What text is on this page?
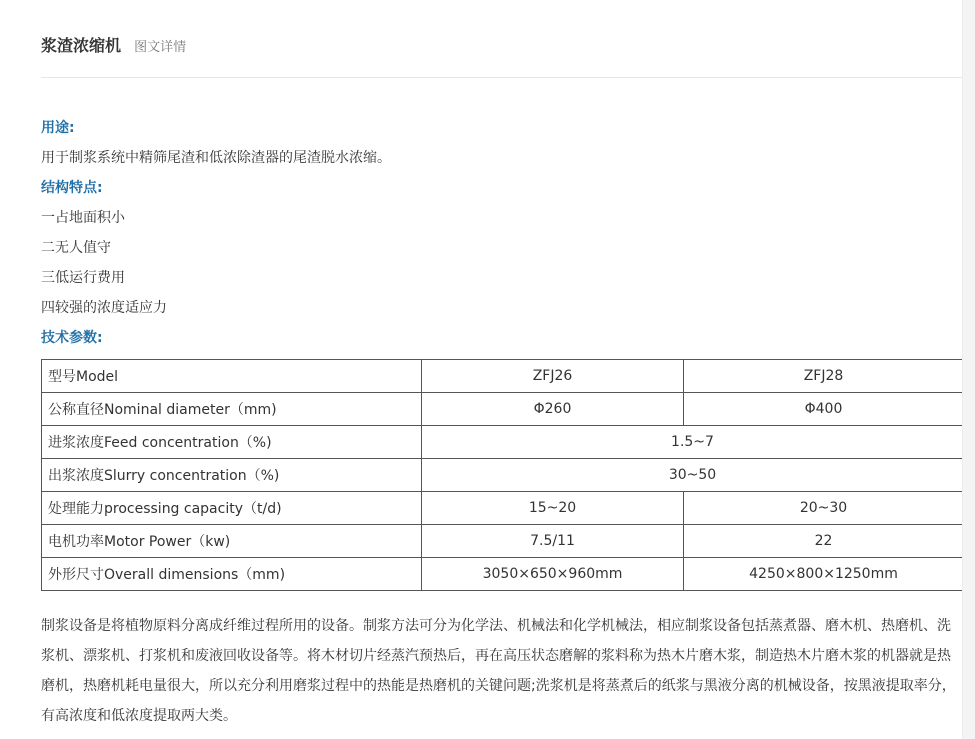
浆渣浓缩机 图文详情
用途:
用于制浆系统中精筛尾渣和低浓除渣器的尾渣脱水浓缩。
结构特点:
一占地面积小
二无人值守
三低运行费用
四较强的浓度适应力
技术参数:
型号Model	ZFJ26	ZFJ28
公称直径Nominal diameter（mm)	Φ260	Φ400
进浆浓度Feed concentration（%)	1.5~7	
出浆浓度Slurry concentration（%)	30~50	
处理能力processing capacity（t/d)	15~20	20~30
电机功率Motor Power（kw)	7.5/11	22
外形尺寸Overall dimensions（mm)	3050×650×960mm	4250×800×1250mm
制浆设备是将植物原料分离成纤维过程所用的设备。制浆方法可分为化学法、机械法和化学机械法，相应制浆设备包括蒸煮器、磨木机、热磨机、洗浆机、漂浆机、打浆机和废液回收设备等。将木材切片经蒸汽预热后，再在高压状态磨解的浆料称为热木片磨木浆，制造热木片磨木浆的机器就是热磨机，热磨机耗电量很大，所以充分利用磨浆过程中的热能是热磨机的关键问题;洗浆机是将蒸煮后的纸浆与黑液分离的机械设备，按黑液提取率分，有高浓度和低浓度提取两大类。
